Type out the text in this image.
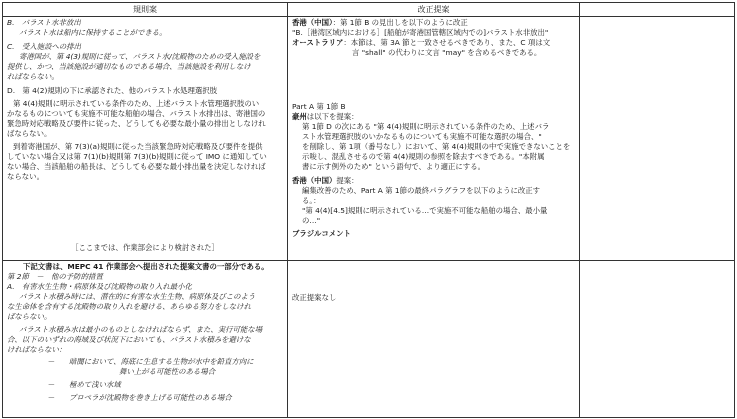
規則案	改正提案
B.　バラスト水非放出
バラスト水は船内に保持することができる。
C.　受入施設への排出
寄港国が、第 4(3)規則に従って、バラスト水/沈殿物のための受入施設を
提供し、かつ、当該施設が適切なものである場合、当該施設を利用しなけ
ればならない。
D.　第 4(2)規則の下に承認された、他のバラスト水処理選択肢
第 4(4)規則に明示されている条件のため、上述バラスト水管理選択肢のい
かなるものについても実施不可能な船舶の場合、バラスト水排出は、寄港国の
緊急時対応戦略及び要件に従った、どうしても必要な最小量の排出としなけれ
ばならない。
到着寄港国が、第 7(3)(a)規則に従った当該緊急時対応戦略及び要件を提供
していない場合又は第 7(1)(b)規則第 7(3)(b)規則に従って IMO に通知してい
ない場合、当該船舶の船長は、どうしても必要な最小排出量を決定しなければ
ならない。
［ここまでは、作業部会により検討された］
下記文書は、MEPC 41 作業部会へ提出された提案文書の一部分である。
第 2節　－　他の予防的措置
A.　有害水生生物・病原体及び沈殿物の取り入れ最小化
バラスト水積み時には、潜在的に有害な水生生物、病原体及びこのよう
な生命体を含有する沈殿物の取り入れを避ける、あらゆる努力をしなけれ
ばならない。
バラスト水積み水は最小のものとしなければならず、また、実行可能な場
合、以下のいずれの海域及び状況下においても、バラスト水積みを避けな
ければならない：
－ 暗闇において、海底に生息する生物が水中を鉛直方向に
舞い上がる可能性のある場合
－ 極めて浅い水域
－ プロペラが沈殿物を巻き上げる可能性のある場合
香港（中国）：第 1節 B の見出しを以下のように改正
"B.［港湾区域内における］[船舶が寄港国管轄区域内での]バラスト水非放出"
オーストラリア：本節は、第 3A 節と一致させるべきであり、また、C 項は文
言 "shall" の代わりに文言 "may" を含めるべきである。
Part A 第 1節 B
豪州は以下を提案：
第 1節 D の次にある "第 4(4)規則に明示されている条件のため、上述バラ
スト水管理選択肢のいかなるものについても実施不可能な選択の場合、"
を削除し、第 1項（番号なし）において、第 4(4)規則の中で実施できないことを
示唆し、混乱させるので第 4(4)規則の参照を除去すべきである。"本附属
書に示す例外のため" という語句で、より適正にする。
香港（中国）提案：
編集改善のため、Part A 第 1節の最終パラグラフを以下のように改正す
る。：
"第 4(4)[4.5]規則に明示されている…で実施不可能な船舶の場合、最小量
の…"
ブラジルコメント
改正提案なし
